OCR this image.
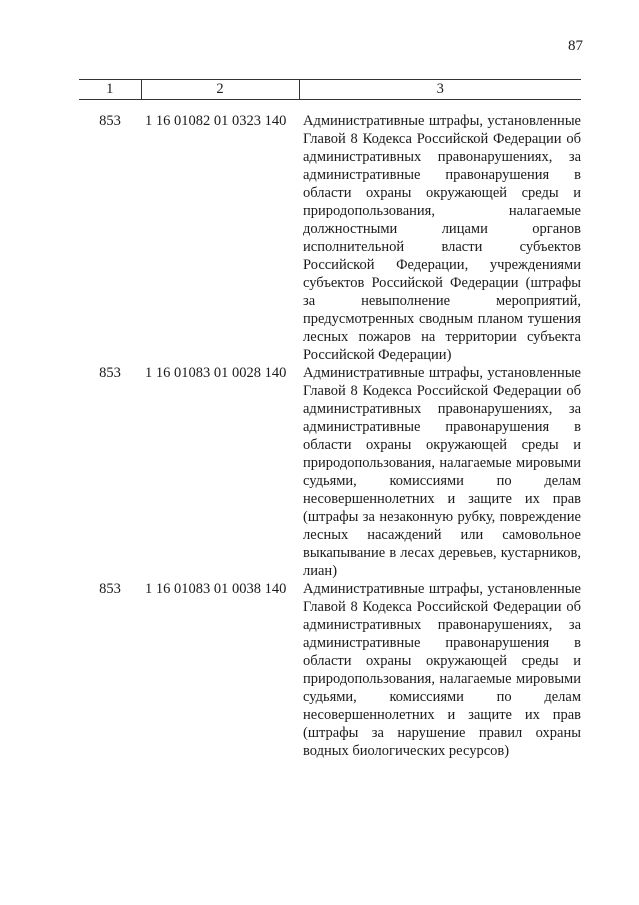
87
1	2	3
853	1 16 01082 01 0323 140	Административные штрафы, установленные Главой 8 Кодекса Российской Федерации об административных правонарушениях, за административные правонарушения в области охраны окружающей среды и природопользования, налагаемые должностными лицами органов исполнительной власти субъектов Российской Федерации, учреждениями субъектов Российской Федерации (штрафы за невыполнение мероприятий, предусмотренных сводным планом тушения лесных пожаров на территории субъекта Российской Федерации)
853	1 16 01083 01 0028 140	Административные штрафы, установленные Главой 8 Кодекса Российской Федерации об административных правонарушениях, за административные правонарушения в области охраны окружающей среды и природопользования, налагаемые мировыми судьями, комиссиями по делам несовершеннолетних и защите их прав (штрафы за незаконную рубку, повреждение лесных насаждений или самовольное выкапывание в лесах деревьев, кустарников, лиан)
853	1 16 01083 01 0038 140	Административные штрафы, установленные Главой 8 Кодекса Российской Федерации об административных правонарушениях, за административные правонарушения в области охраны окружающей среды и природопользования, налагаемые мировыми судьями, комиссиями по делам несовершеннолетних и защите их прав (штрафы за нарушение правил охраны водных биологических ресурсов)
